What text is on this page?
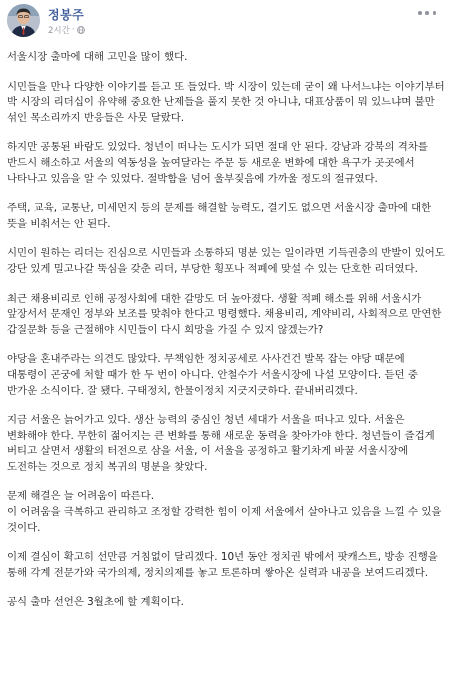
정봉주
2시간 ·

서울시장 출마에 대해 고민을 많이 했다.

시민들을 만나 다양한 이야기를 듣고 또 들었다. 박 시장이 있는데 굳이 왜 나서느냐는 이야기부터 박 시장의 리더십이 유약해 중요한 난제들을 풀지 못한 것 아니냐, 대표상품이 뭐 있느냐며 불만 섞인 목소리까지 반응들은 사뭇 달랐다.

하지만 공통된 바람도 있었다. 청년이 떠나는 도시가 되면 절대 안 된다. 강남과 강북의 격차를 반드시 해소하고 서울의 역동성을 높여달라는 주문 등 새로운 변화에 대한 욕구가 곳곳에서 나타나고 있음을 알 수 있었다. 절박함을 넘어 울부짖음에 가까울 정도의 절규였다.

주택, 교육, 교통난, 미세먼지 등의 문제를 해결할 능력도, 결기도 없으면 서울시장 출마에 대한 뜻을 비춰서는 안 된다.

시민이 원하는 리더는 진심으로 시민들과 소통하되 명분 있는 일이라면 기득권층의 반발이 있어도 강단 있게 밀고나갈 뚝심을 갖춘 리더, 부당한 횡포나 적폐에 맞설 수 있는 단호한 리더였다.

최근 채용비리로 인해 공정사회에 대한 갈망도 더 높아졌다. 생활 적폐 해소를 위해 서울시가 앞장서서 문재인 정부와 보조를 맞춰야 한다고 명령했다. 채용비리, 계약비리, 사회적으로 만연한 갑질문화 등을 근절해야 시민들이 다시 희망을 가질 수 있지 않겠는가?

야당을 혼내주라는 의견도 많았다. 무책임한 정치공세로 사사건건 발목 잡는 야당 때문에 대통령이 곤궁에 처할 때가 한 두 번이 아니다. 안철수가 서울시장에 나설 모양이다. 듣던 중 반가운 소식이다. 잘 됐다. 구태정치, 한물이정치 지긋지긋하다. 끝내버리겠다.

지금 서울은 늙어가고 있다. 생산 능력의 중심인 청년 세대가 서울을 떠나고 있다. 서울은 변화해야 한다. 무한히 젊어지는 큰 변화를 통해 새로운 동력을 찾아가야 한다. 청년들이 즐겁게 버티고 살면서 생활의 터전으로 삼을 서울, 이 서울을 공정하고 활기차게 바꿀 서울시장에 도전하는 것으로 정치 복귀의 명분을 찾았다.

문제 해결은 늘 어려움이 따른다.
이 어려움을 극복하고 관리하고 조정할 강력한 힘이 이제 서울에서 살아나고 있음을 느낄 수 있을 것이다.

이제 결심이 확고히 선만큼 거침없이 달리겠다. 10년 동안 정치권 밖에서 팟캐스트, 방송 진행을 통해 각계 전문가와 국가의제, 정치의제를 놓고 토론하며 쌓아온 실력과 내공을 보여드리겠다.

공식 출마 선언은 3월초에 할 계획이다.
